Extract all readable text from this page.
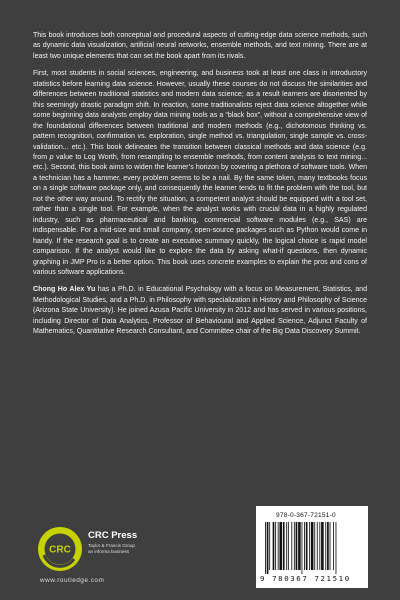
This book introduces both conceptual and procedural aspects of cutting-edge data science methods, such as dynamic data visualization, artificial neural networks, ensemble methods, and text mining. There are at least two unique elements that can set the book apart from its rivals.

First, most students in social sciences, engineering, and business took at least one class in introductory statistics before learning data science. However, usually these courses do not discuss the similarities and differences between traditional statistics and modern data science; as a result learners are disoriented by this seemingly drastic paradigm shift. In reaction, some traditionalists reject data science altogether while some beginning data analysts employ data mining tools as a “black box”, without a comprehensive view of the foundational differences between traditional and modern methods (e.g., dichotomous thinking vs. pattern recognition, confirmation vs. exploration, single method vs. triangulation, single sample vs. cross-validation... etc.). This book delineates the transition between classical methods and data science (e.g. from p value to Log Worth, from resampling to ensemble methods, from content analysis to text mining... etc.). Second, this book aims to widen the learner’s horizon by covering a plethora of software tools. When a technician has a hammer, every problem seems to be a nail. By the same token, many textbooks focus on a single software package only, and consequently the learner tends to fit the problem with the tool, but not the other way around. To rectify the situation, a competent analyst should be equipped with a tool set, rather than a single tool. For example, when the analyst works with crucial data in a highly regulated industry, such as pharmaceutical and banking, commercial software modules (e.g., SAS) are indispensable. For a mid-size and small company, open-source packages such as Python would come in handy. If the research goal is to create an executive summary quickly, the logical choice is rapid model comparison. If the analyst would like to explore the data by asking what-if questions, then dynamic graphing in JMP Pro is a better option. This book uses concrete examples to explain the pros and cons of various software applications.

Chong Ho Alex Yu has a Ph.D. in Educational Psychology with a focus on Measurement, Statistics, and Methodological Studies, and a Ph.D. in Philosophy with specialization in History and Philosophy of Science (Arizona State University). He joined Azusa Pacific University in 2012 and has served in various positions, including Director of Data Analytics, Professor of Behavioural and Applied Science, Adjunct Faculty of Mathematics, Quantitative Research Consultant, and Committee chair of the Big Data Discovery Summit.

CRC
CRC Press
Taylor & Francis Group
an informa business
www.routledge.com
978-0-367-72151-0
9 780367 721510
